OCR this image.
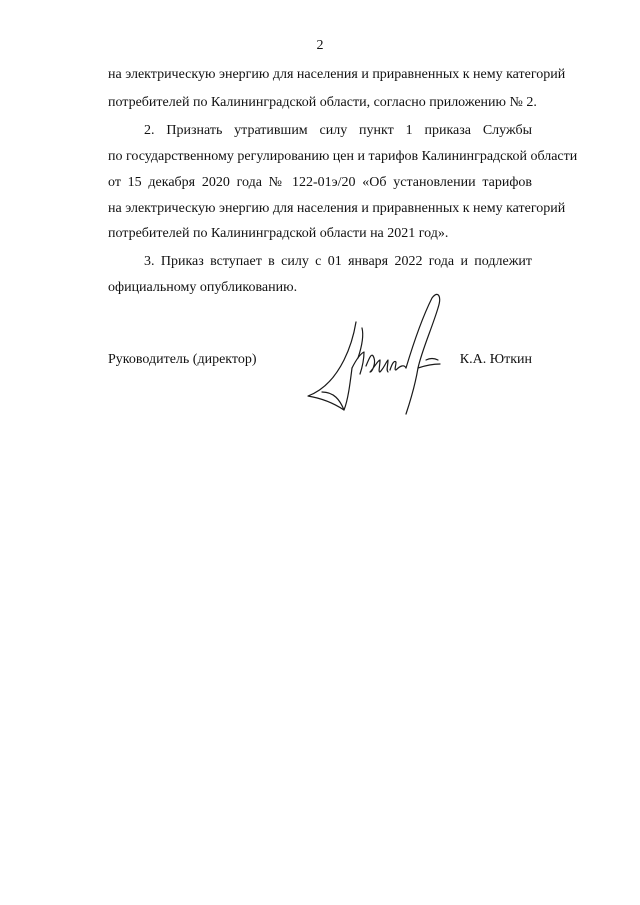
2
на электрическую энергию для населения и приравненных к нему категорий
потребителей по Калининградской области, согласно приложению № 2.
2. Признать утратившим силу пункт 1 приказа Службы
по государственному регулированию цен и тарифов Калининградской области
от 15 декабря 2020 года № 122-01э/20 «Об установлении тарифов
на электрическую энергию для населения и приравненных к нему категорий
потребителей по Калининградской области на 2021 год».
3. Приказ вступает в силу с 01 января 2022 года и подлежит
официальному опубликованию.
Руководитель (директор)	К.А. Юткин
